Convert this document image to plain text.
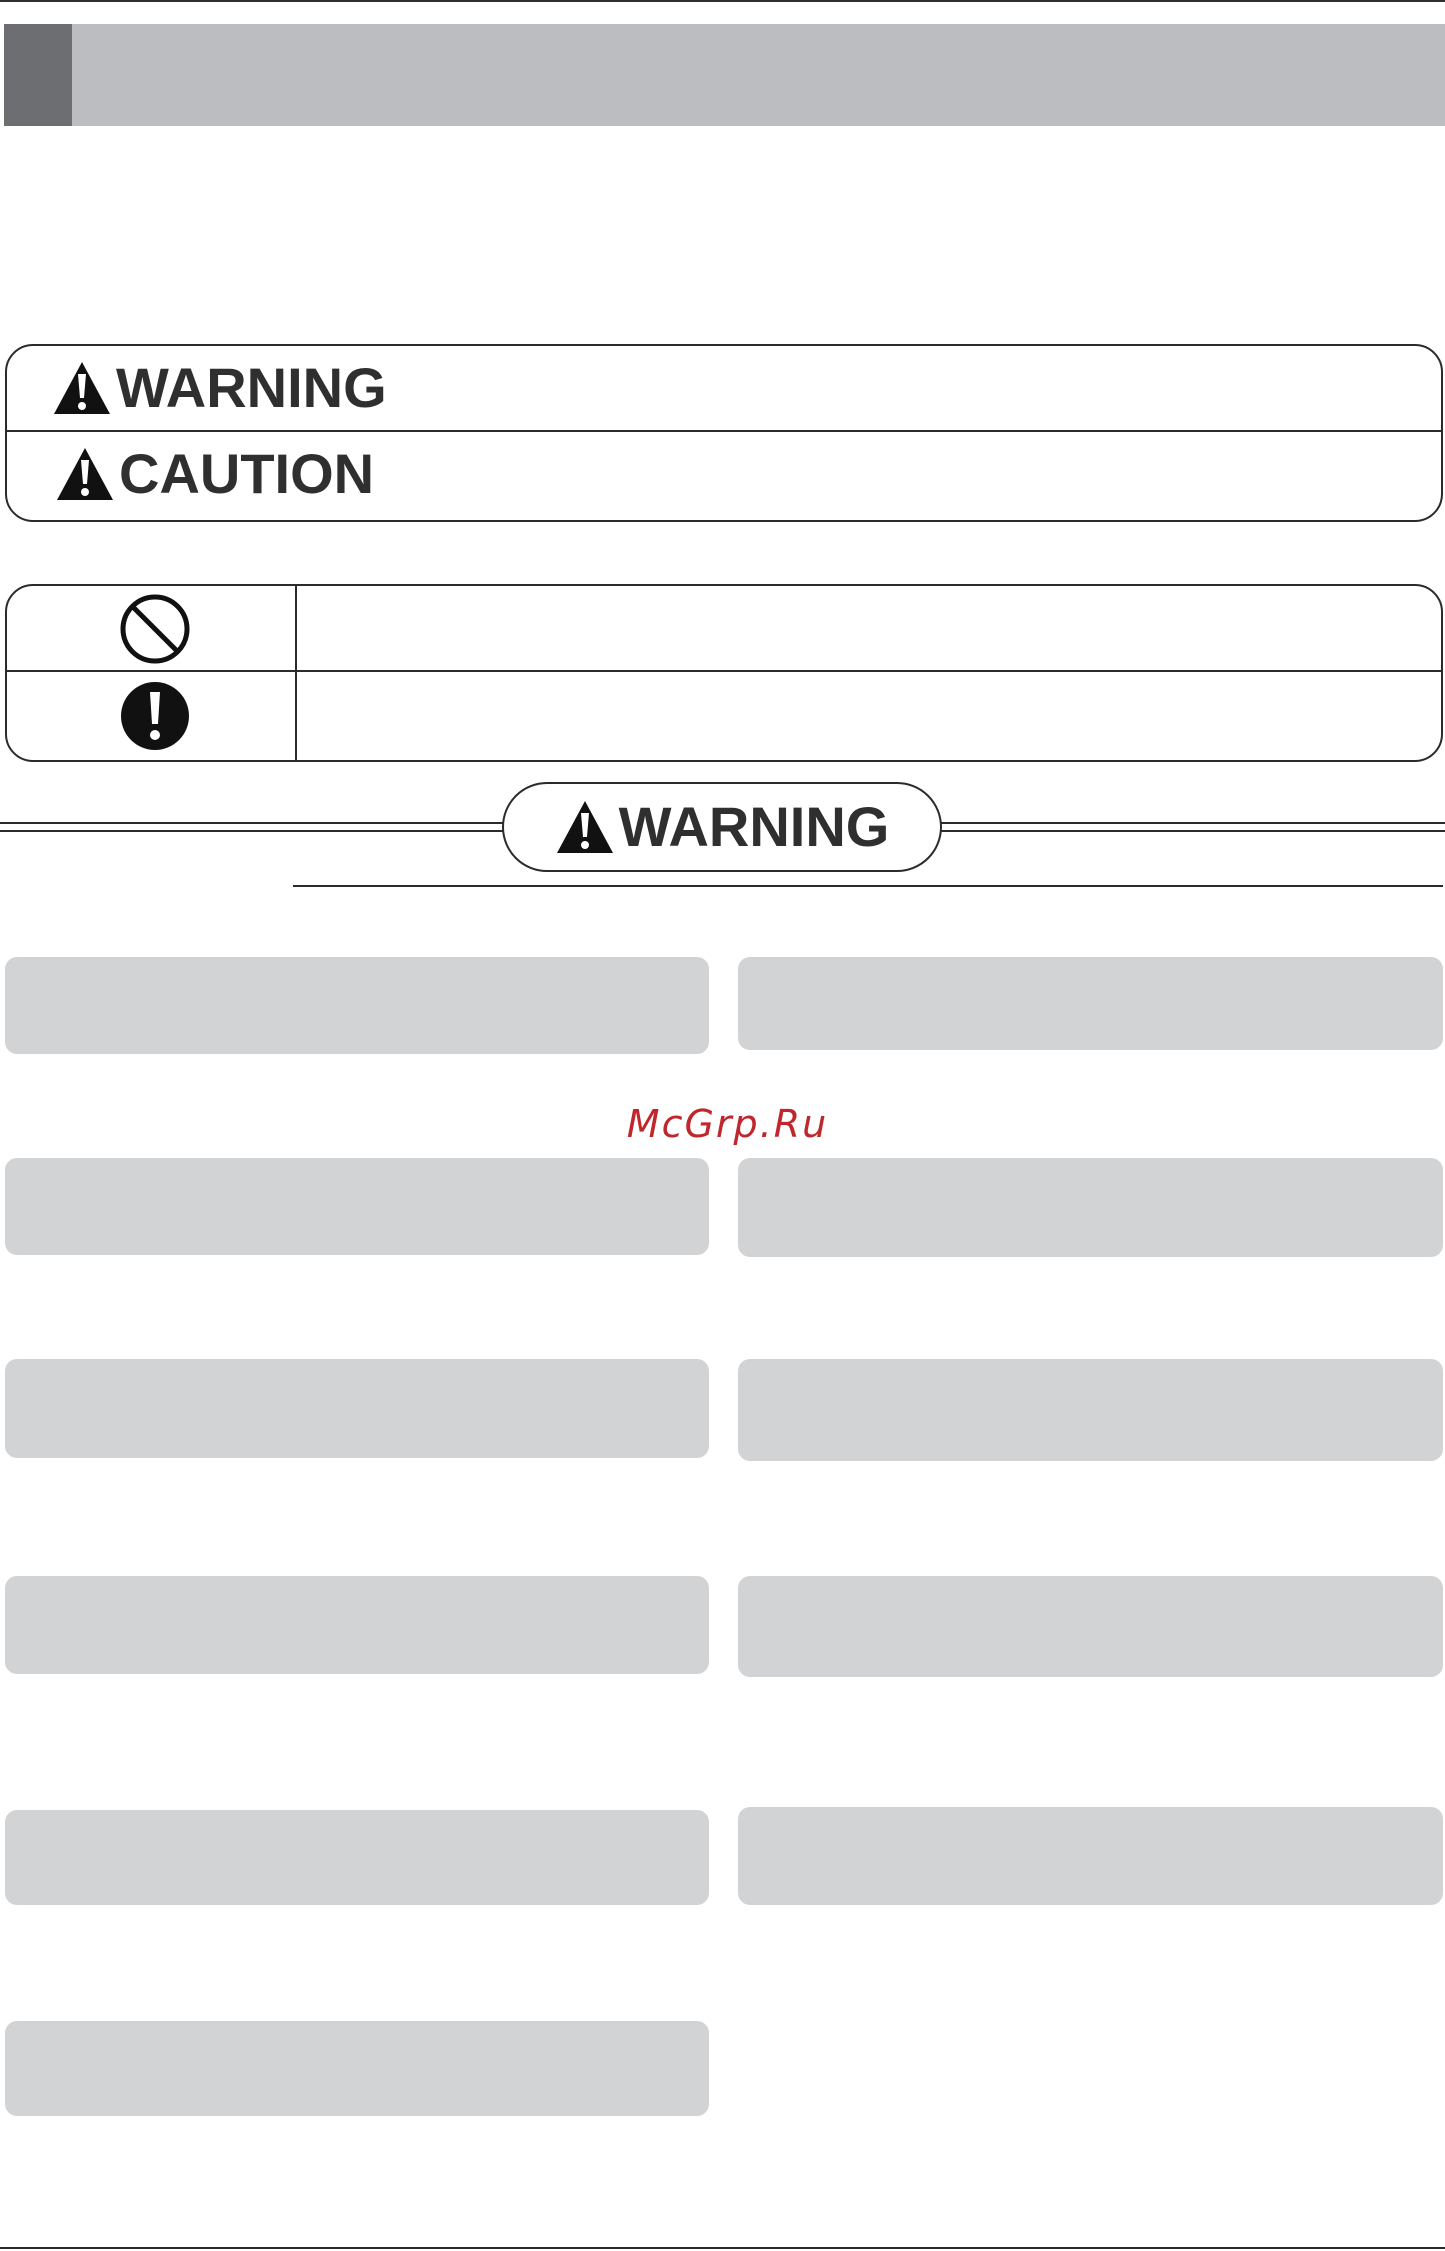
WARNING
CAUTION
WARNING
McGrp.Ru
